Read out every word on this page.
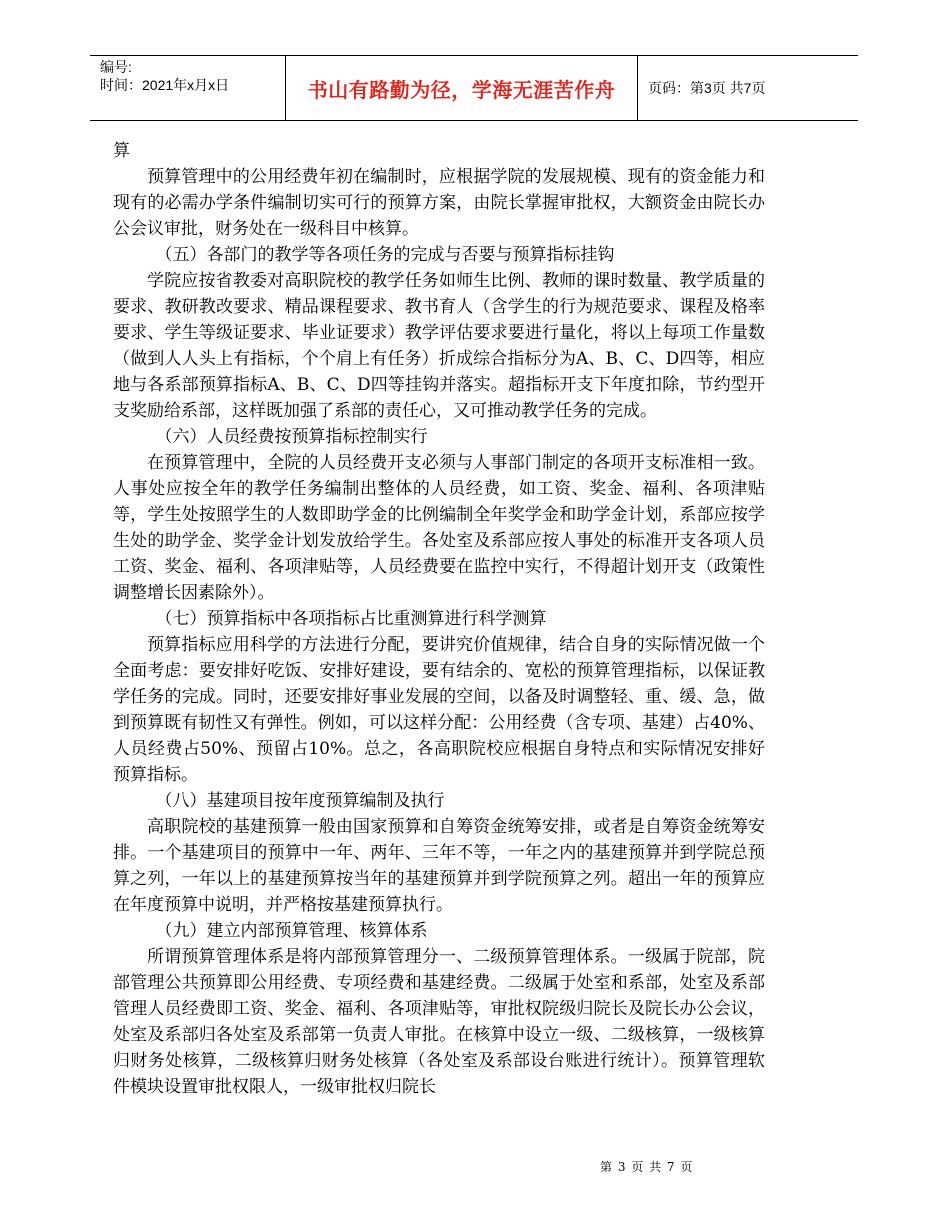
编号:
时间：2021年x月x日	书山有路勤为径，学海无涯苦作舟	页码：第3页 共7页

算

预算管理中的公用经费年初在编制时，应根据学院的发展规模、现有的资金能力和现有的必需办学条件编制切实可行的预算方案，由院长掌握审批权，大额资金由院长办公会议审批，财务处在一级科目中核算。

（五）各部门的教学等各项任务的完成与否要与预算指标挂钩

学院应按省教委对高职院校的教学任务如师生比例、教师的课时数量、教学质量的要求、教研教改要求、精品课程要求、教书育人（含学生的行为规范要求、课程及格率要求、学生等级证要求、毕业证要求）教学评估要求要进行量化，将以上每项工作量数（做到人人头上有指标，个个肩上有任务）折成综合指标分为A、B、C、D四等，相应地与各系部预算指标A、B、C、D四等挂钩并落实。超指标开支下年度扣除，节约型开支奖励给系部，这样既加强了系部的责任心，又可推动教学任务的完成。

（六）人员经费按预算指标控制实行

在预算管理中，全院的人员经费开支必须与人事部门制定的各项开支标准相一致。人事处应按全年的教学任务编制出整体的人员经费，如工资、奖金、福利、各项津贴等，学生处按照学生的人数即助学金的比例编制全年奖学金和助学金计划，系部应按学生处的助学金、奖学金计划发放给学生。各处室及系部应按人事处的标准开支各项人员工资、奖金、福利、各项津贴等，人员经费要在监控中实行，不得超计划开支（政策性调整增长因素除外）。

（七）预算指标中各项指标占比重测算进行科学测算

预算指标应用科学的方法进行分配，要讲究价值规律，结合自身的实际情况做一个全面考虑：要安排好吃饭、安排好建设，要有结余的、宽松的预算管理指标，以保证教学任务的完成。同时，还要安排好事业发展的空间，以备及时调整轻、重、缓、急，做到预算既有韧性又有弹性。例如，可以这样分配：公用经费（含专项、基建）占40%、人员经费占50%、预留占10%。总之，各高职院校应根据自身特点和实际情况安排好预算指标。

（八）基建项目按年度预算编制及执行

高职院校的基建预算一般由国家预算和自筹资金统筹安排，或者是自筹资金统筹安排。一个基建项目的预算中一年、两年、三年不等，一年之内的基建预算并到学院总预算之列，一年以上的基建预算按当年的基建预算并到学院预算之列。超出一年的预算应在年度预算中说明，并严格按基建预算执行。

（九）建立内部预算管理、核算体系

所谓预算管理体系是将内部预算管理分一、二级预算管理体系。一级属于院部，院部管理公共预算即公用经费、专项经费和基建经费。二级属于处室和系部，处室及系部管理人员经费即工资、奖金、福利、各项津贴等，审批权院级归院长及院长办公会议，处室及系部归各处室及系部第一负责人审批。在核算中设立一级、二级核算，一级核算归财务处核算，二级核算归财务处核算（各处室及系部设台账进行统计）。预算管理软件模块设置审批权限人，一级审批权归院长

第 3 页 共 7 页
